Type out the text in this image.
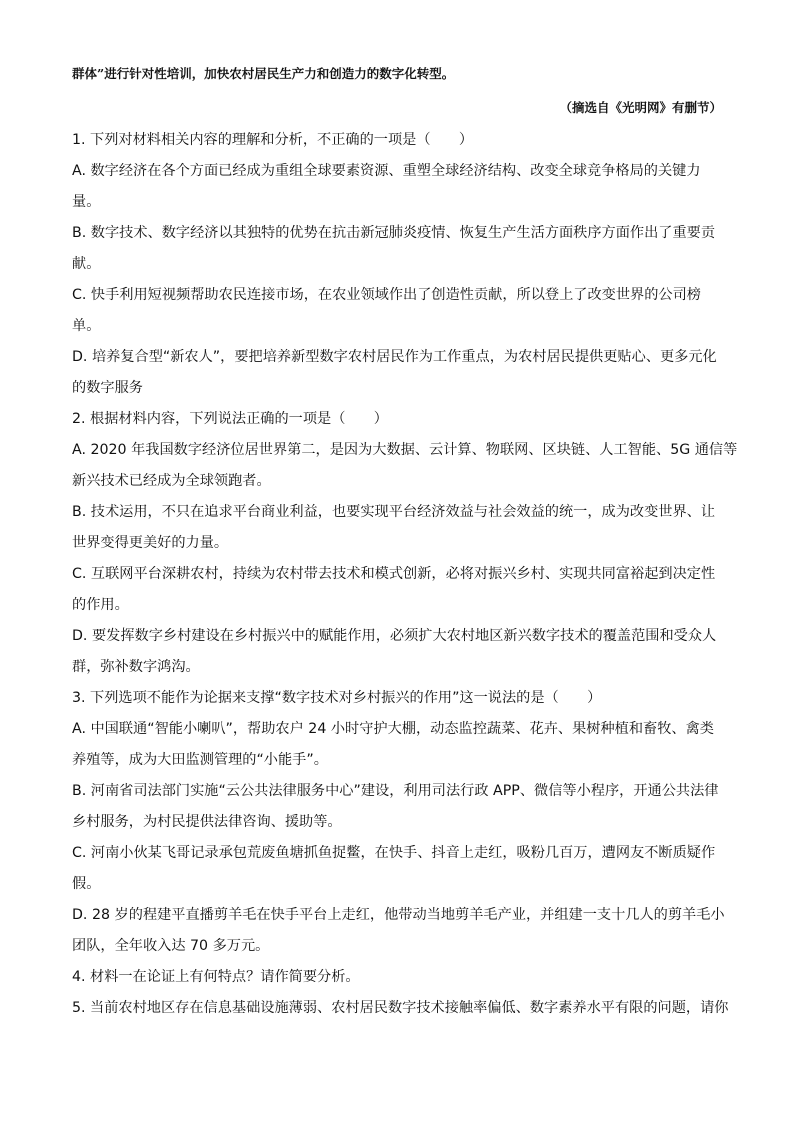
群体”进行针对性培训，加快农村居民生产力和创造力的数字化转型。
（摘选自《光明网》有删节）
1. 下列对材料相关内容的理解和分析，不正确的一项是（　　）
A. 数字经济在各个方面已经成为重组全球要素资源、重塑全球经济结构、改变全球竞争格局的关键力
量。
B. 数字技术、数字经济以其独特的优势在抗击新冠肺炎疫情、恢复生产生活方面秩序方面作出了重要贡
献。
C. 快手利用短视频帮助农民连接市场，在农业领域作出了创造性贡献，所以登上了改变世界的公司榜
单。
D. 培养复合型“新农人”，要把培养新型数字农村居民作为工作重点，为农村居民提供更贴心、更多元化
的数字服务
2. 根据材料内容，下列说法正确的一项是（　　）
A. 2020 年我国数字经济位居世界第二，是因为大数据、云计算、物联网、区块链、人工智能、5G 通信等
新兴技术已经成为全球领跑者。
B. 技术运用，不只在追求平台商业利益，也要实现平台经济效益与社会效益的统一，成为改变世界、让
世界变得更美好的力量。
C. 互联网平台深耕农村，持续为农村带去技术和模式创新，必将对振兴乡村、实现共同富裕起到决定性
的作用。
D. 要发挥数字乡村建设在乡村振兴中的赋能作用，必须扩大农村地区新兴数字技术的覆盖范围和受众人
群，弥补数字鸿沟。
3. 下列选项不能作为论据来支撑“数字技术对乡村振兴的作用”这一说法的是（　　）
A. 中国联通“智能小喇叭”，帮助农户 24 小时守护大棚，动态监控蔬菜、花卉、果树种植和畜牧、禽类
养殖等，成为大田监测管理的“小能手”。
B. 河南省司法部门实施“云公共法律服务中心”建设，利用司法行政 APP、微信等小程序，开通公共法律
乡村服务，为村民提供法律咨询、援助等。
C. 河南小伙某飞哥记录承包荒废鱼塘抓鱼捉鳖，在快手、抖音上走红，吸粉几百万，遭网友不断质疑作
假。
D. 28 岁的程建平直播剪羊毛在快手平台上走红，他带动当地剪羊毛产业，并组建一支十几人的剪羊毛小
团队，全年收入达 70 多万元。
4. 材料一在论证上有何特点？请作简要分析。
5. 当前农村地区存在信息基础设施薄弱、农村居民数字技术接触率偏低、数字素养水平有限的问题，请你
